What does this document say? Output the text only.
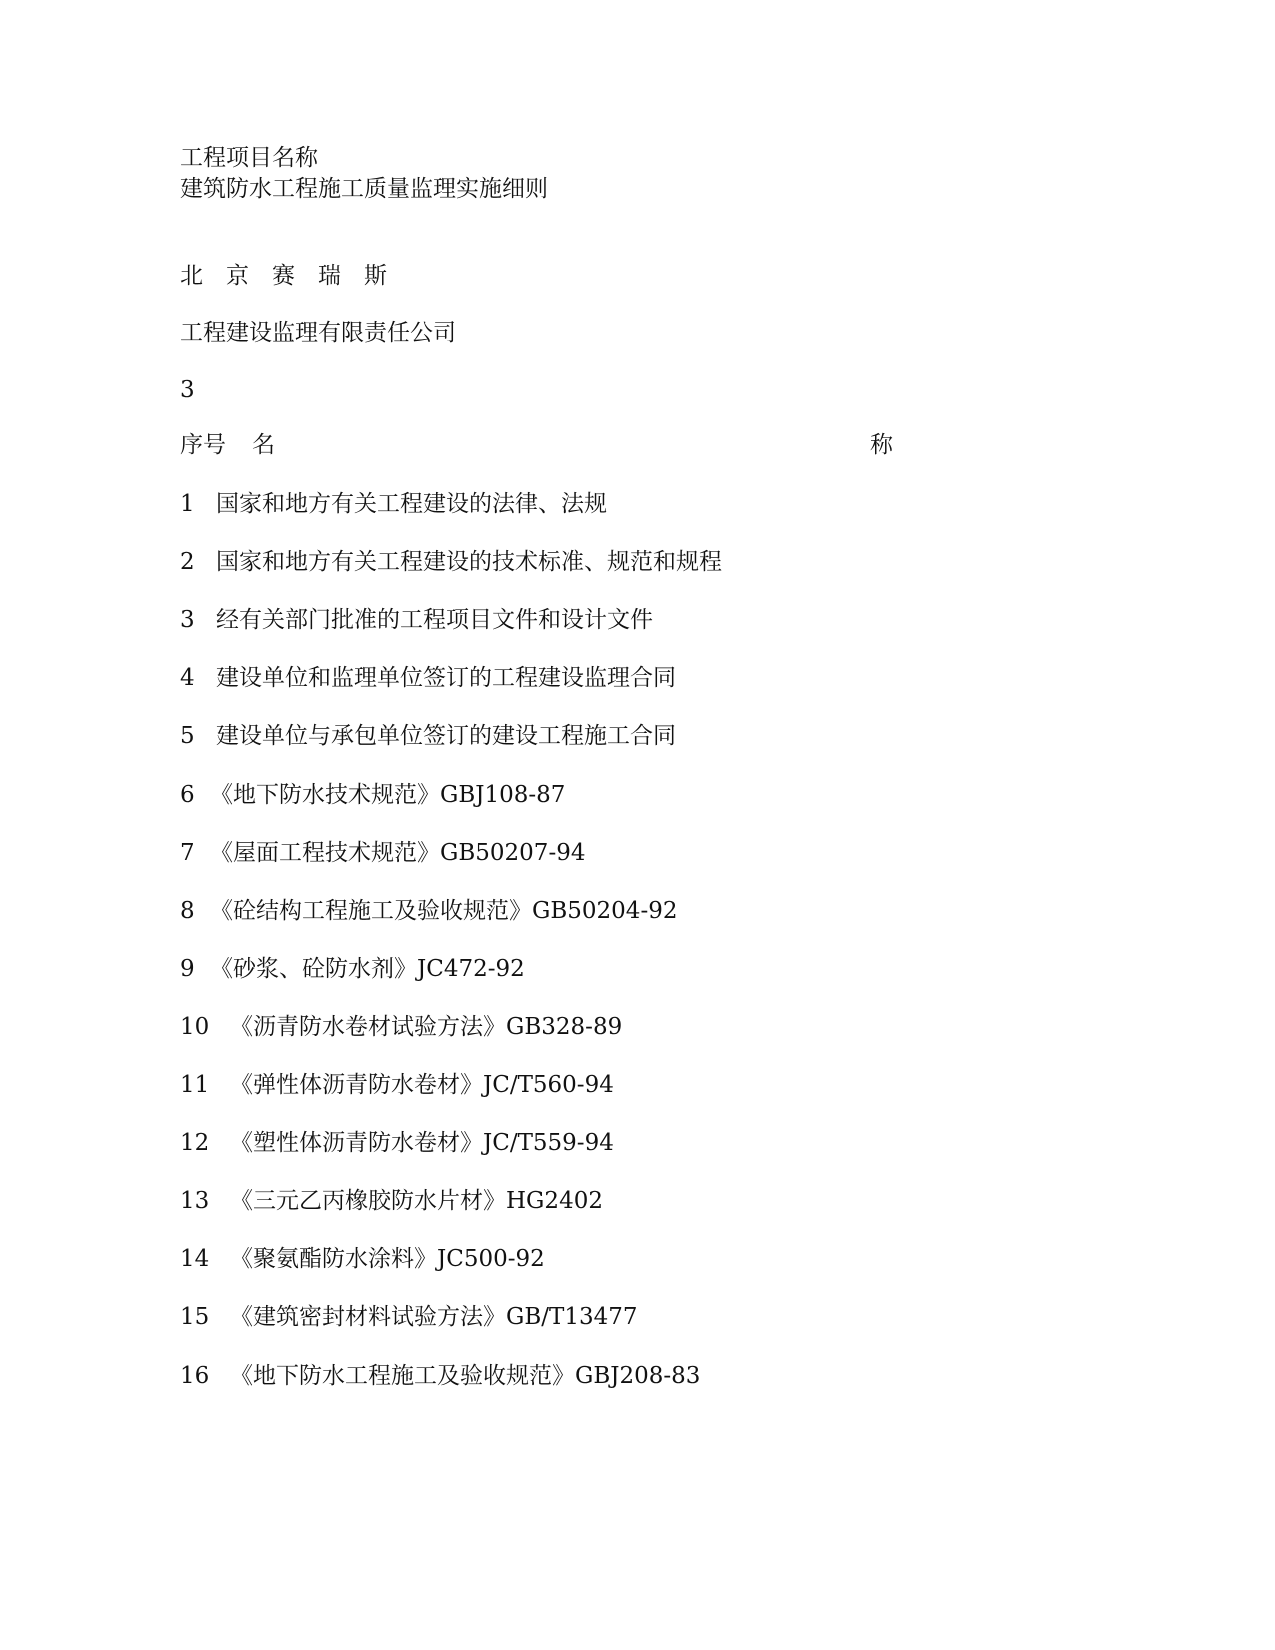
工程项目名称
建筑防水工程施工质量监理实施细则
北　京　赛　瑞　斯
工程建设监理有限责任公司
3
序号 名	称
1 国家和地方有关工程建设的法律、法规
2 国家和地方有关工程建设的技术标准、规范和规程
3 经有关部门批准的工程项目文件和设计文件
4 建设单位和监理单位签订的工程建设监理合同
5 建设单位与承包单位签订的建设工程施工合同
6 《地下防水技术规范》GBJ108-87
7 《屋面工程技术规范》GB50207-94
8 《砼结构工程施工及验收规范》GB50204-92
9 《砂浆、砼防水剂》JC472-92
10 《沥青防水卷材试验方法》GB328-89
11 《弹性体沥青防水卷材》JC/T560-94
12 《塑性体沥青防水卷材》JC/T559-94
13 《三元乙丙橡胶防水片材》HG2402
14 《聚氨酯防水涂料》JC500-92
15 《建筑密封材料试验方法》GB/T13477
16 《地下防水工程施工及验收规范》GBJ208-83
